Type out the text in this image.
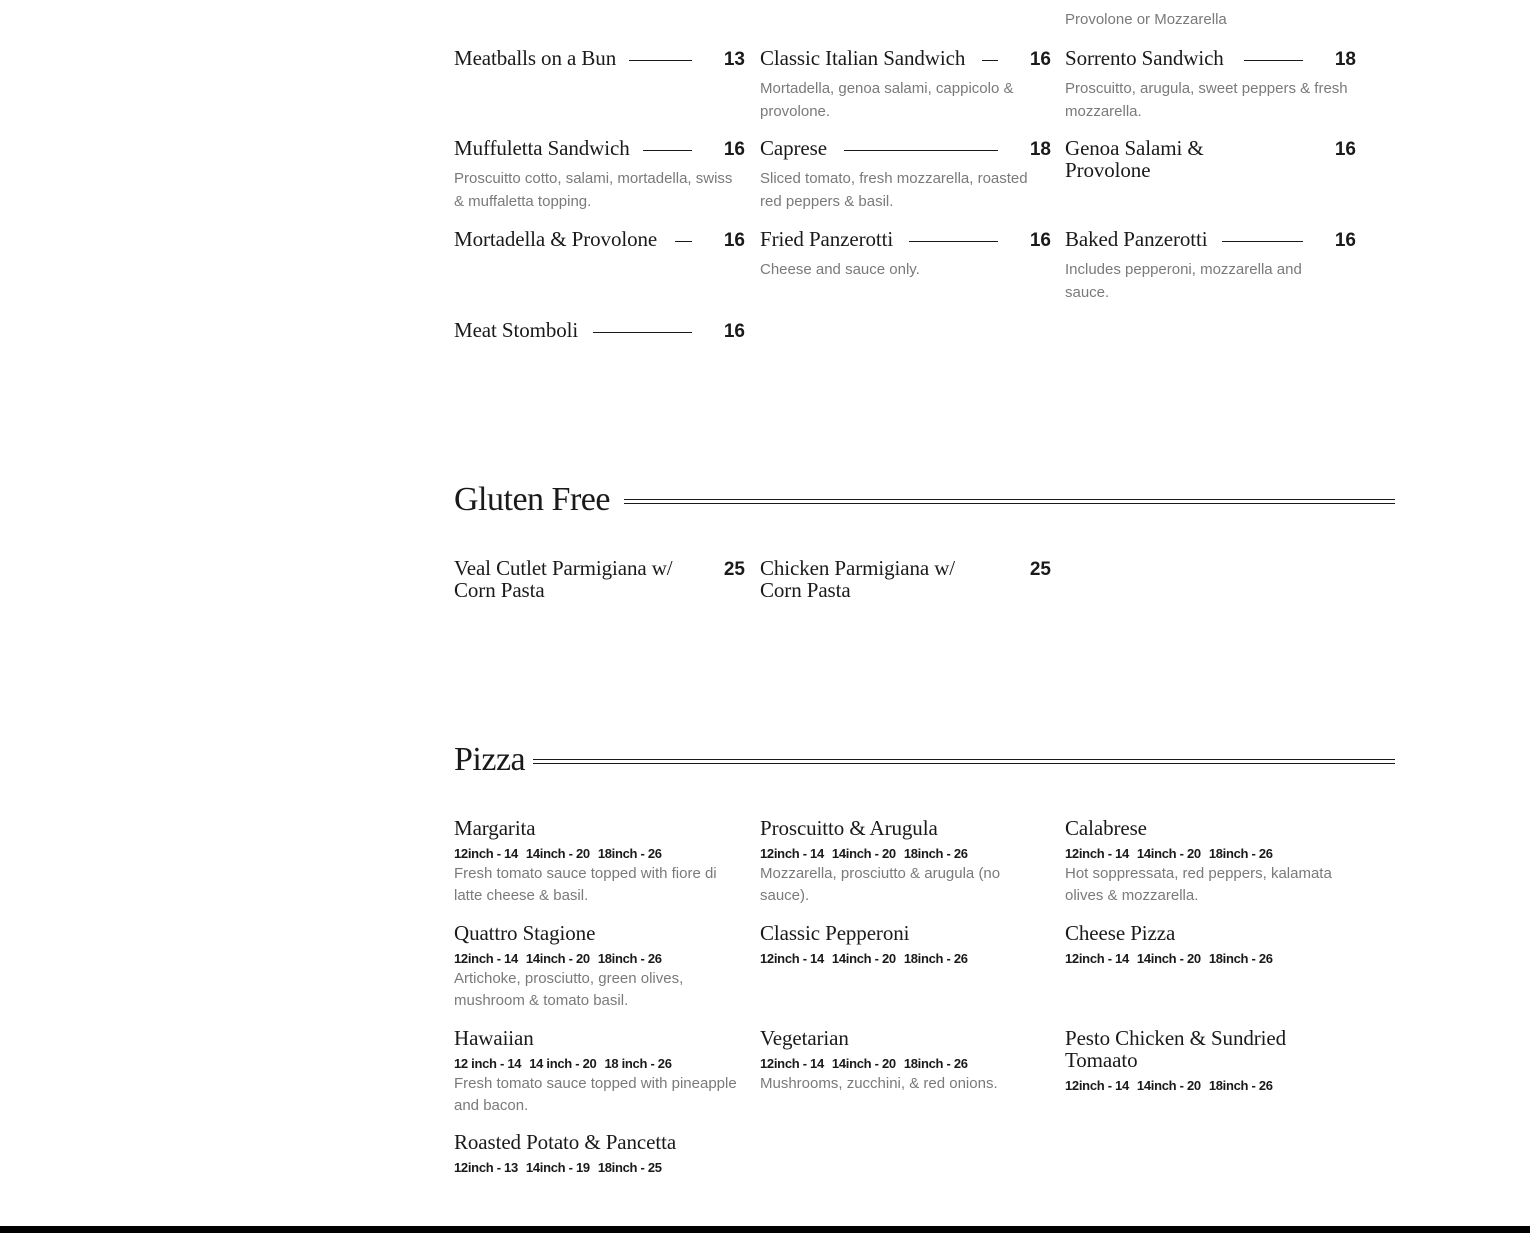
Provolone or Mozzarella
Meatballs on a Bun	13 Classic Italian Sandwich	16
Mortadella, genoa salami, cappicolo & provolone.
Sorrento Sandwich	18
Proscuitto, arugula, sweet peppers & fresh mozzarella.
Muffuletta Sandwich	16
Proscuitto cotto, salami, mortadella, swiss & muffaletta topping.
Caprese	18
Sliced tomato, fresh mozzarella, roasted red peppers & basil.
Genoa Salami & Provolone
16
Mortadella & Provolone	16 Fried Panzerotti	16
Cheese and sauce only.
Baked Panzerotti	16
Includes pepperoni, mozzarella and sauce.
Meat Stomboli	16
Gluten Free
Veal Cutlet Parmigiana w/ Corn Pasta
25 Chicken Parmigiana w/ Corn Pasta
25
Pizza
Margarita
12inch - 14 14inch - 20 18inch - 26
Fresh tomato sauce topped with fiore di latte cheese & basil.
Proscuitto & Arugula
12inch - 14 14inch - 20 18inch - 26
Mozzarella, prosciutto & arugula (no sauce).
Calabrese
12inch - 14 14inch - 20 18inch - 26
Hot soppressata, red peppers, kalamata olives & mozzarella.
Quattro Stagione
12inch - 14 14inch - 20 18inch - 26
Artichoke, prosciutto, green olives, mushroom & tomato basil.
Classic Pepperoni
12inch - 14 14inch - 20 18inch - 26
Cheese Pizza
12inch - 14 14inch - 20 18inch - 26
Hawaiian
12 inch - 14 14 inch - 20 18 inch - 26
Fresh tomato sauce topped with pineapple and bacon.
Vegetarian
12inch - 14 14inch - 20 18inch - 26
Mushrooms, zucchini, & red onions.
Pesto Chicken & Sundried Tomaato
12inch - 14 14inch - 20 18inch - 26
Roasted Potato & Pancetta
12inch - 13 14inch - 19 18inch - 25
